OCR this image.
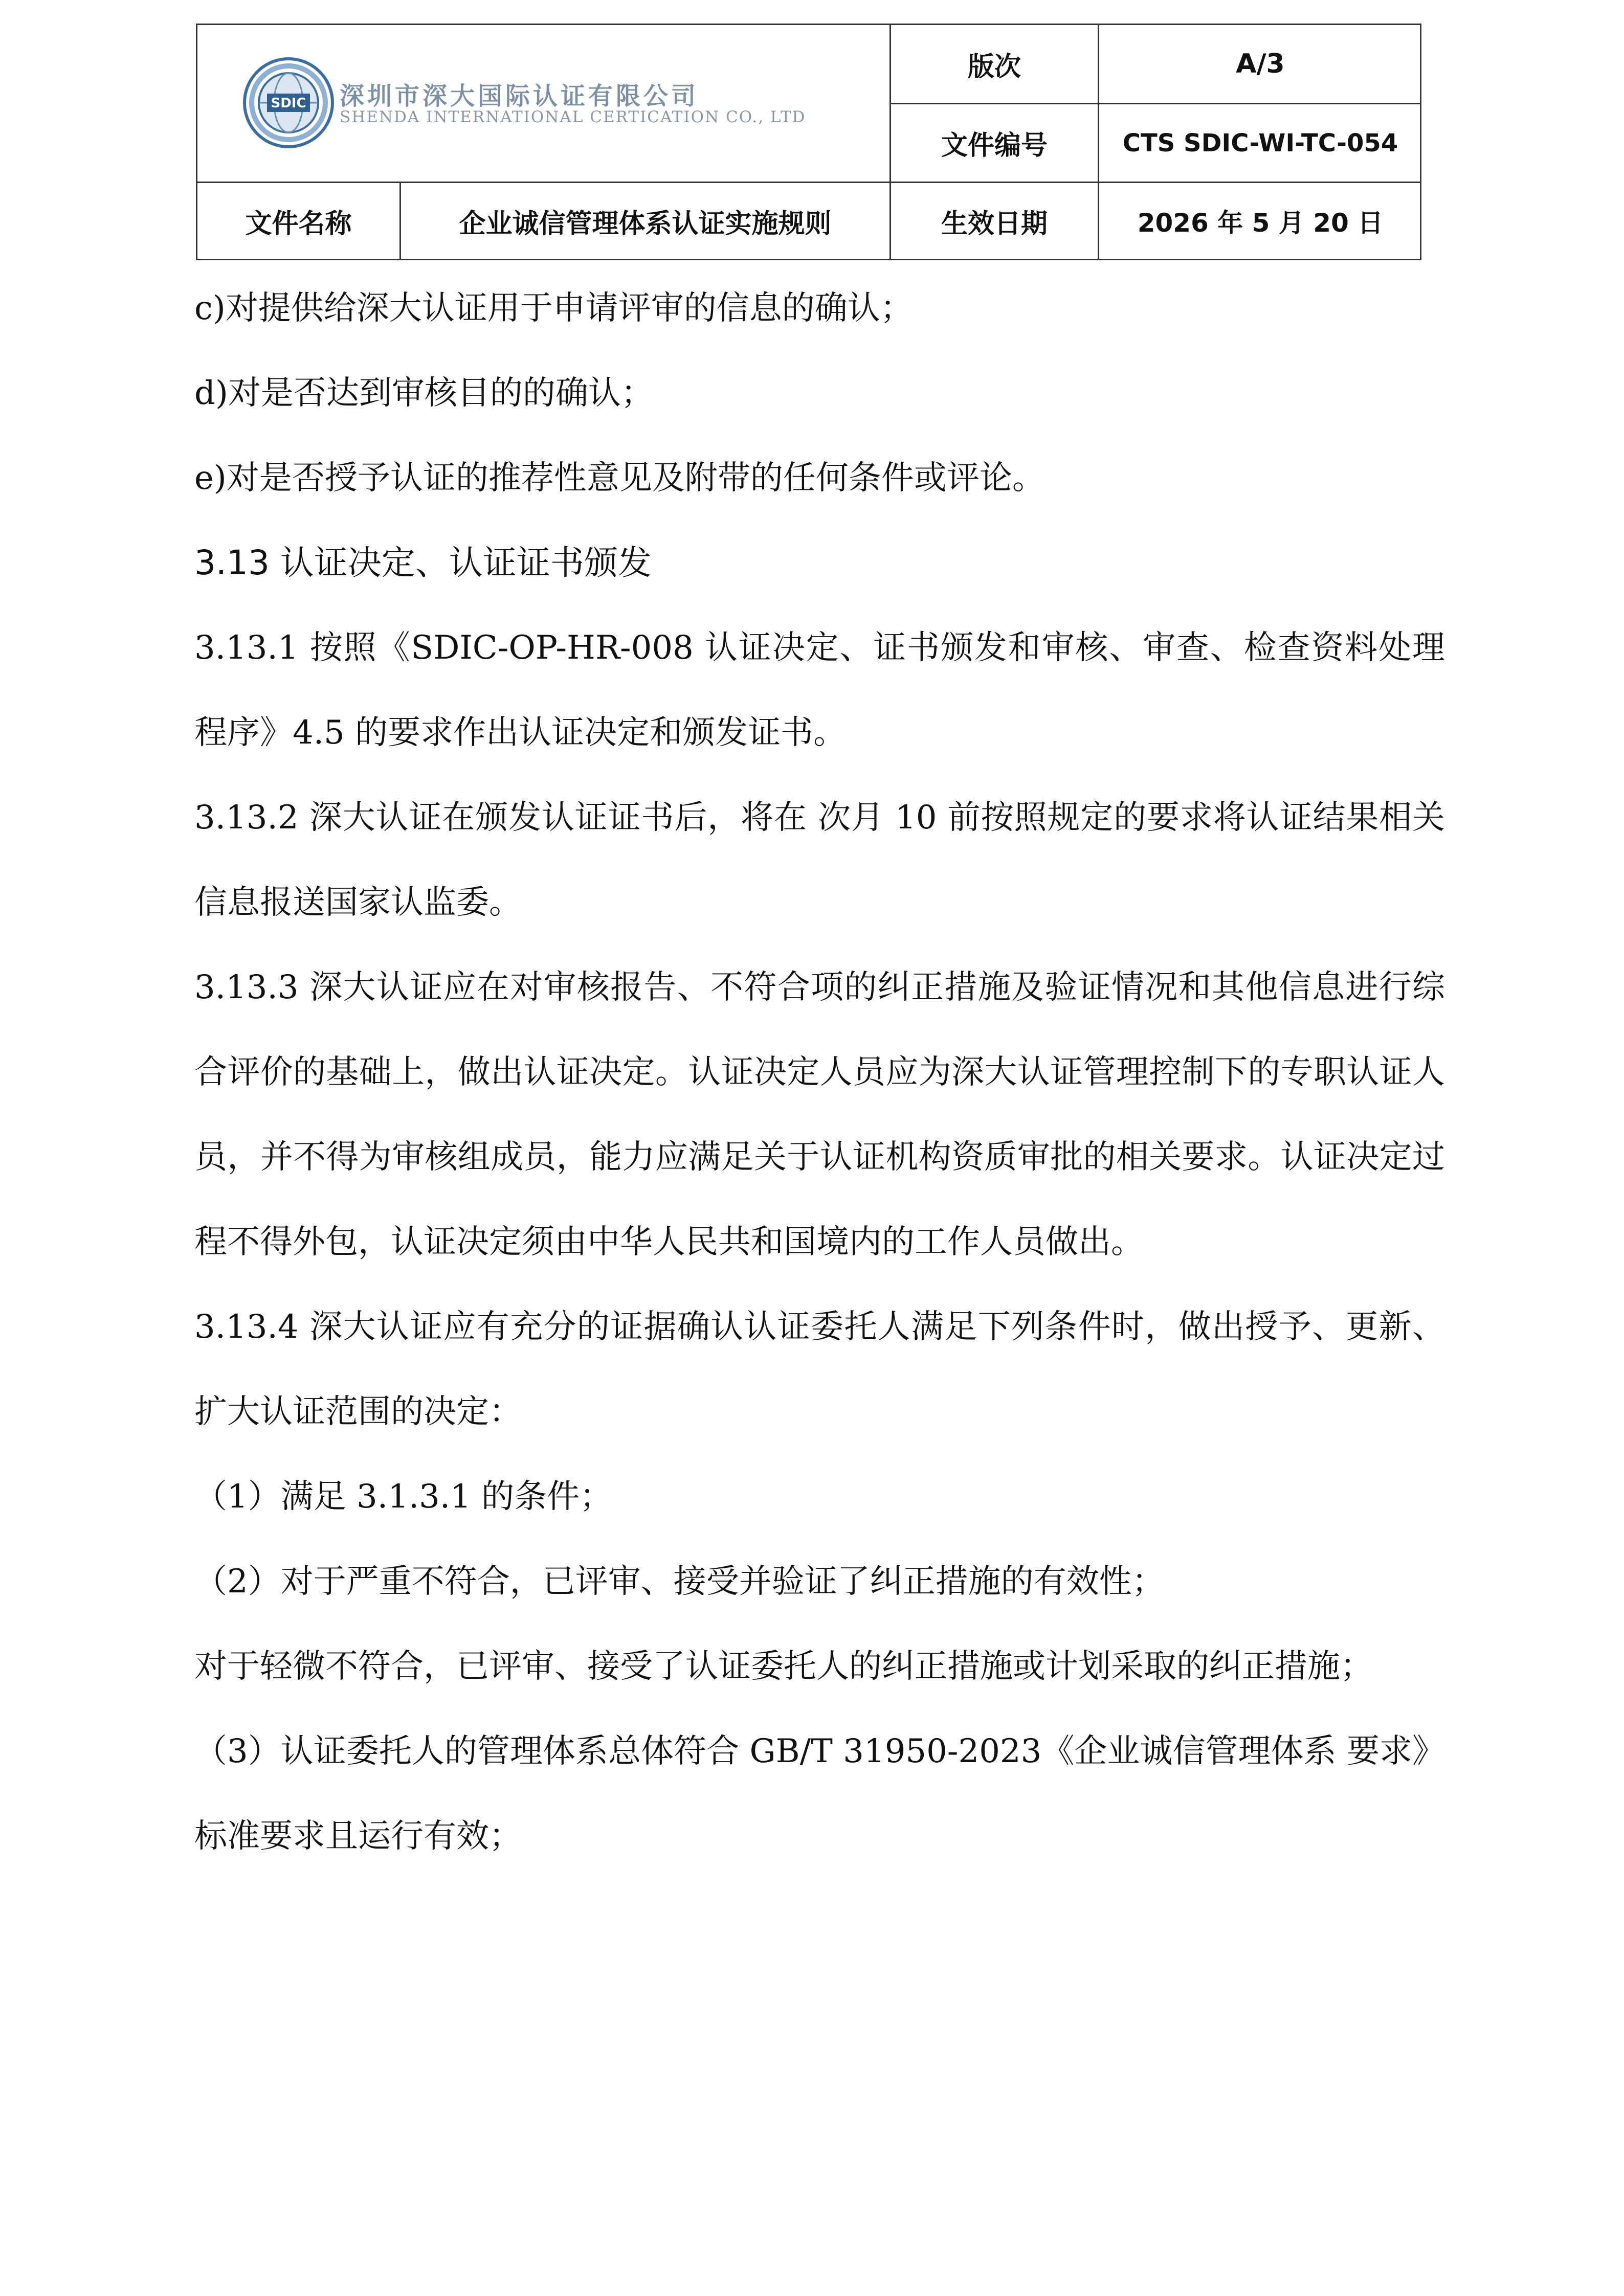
SDIC 深圳市深大国际认证有限公司
SHENDA INTERNATIONAL CERTICATION CO., LTD
版次	A/3
文件编号	CTS SDIC-WI-TC-054
文件名称	企业诚信管理体系认证实施规则	生效日期	2026 年 5 月 20 日

c)对提供给深大认证用于申请评审的信息的确认；

d)对是否达到审核目的的确认；

e)对是否授予认证的推荐性意见及附带的任何条件或评论。

3.13 认证决定、认证证书颁发

3.13.1 按照《SDIC-OP-HR-008 认证决定、证书颁发和审核、审查、检查资料处理程序》4.5 的要求作出认证决定和颁发证书。

3.13.2 深大认证在颁发认证证书后，将在 次月 10 前按照规定的要求将认证结果相关信息报送国家认监委。

3.13.3 深大认证应在对审核报告、不符合项的纠正措施及验证情况和其他信息进行综合评价的基础上，做出认证决定。认证决定人员应为深大认证管理控制下的专职认证人员，并不得为审核组成员，能力应满足关于认证机构资质审批的相关要求。认证决定过程不得外包，认证决定须由中华人民共和国境内的工作人员做出。

3.13.4 深大认证应有充分的证据确认认证委托人满足下列条件时，做出授予、更新、扩大认证范围的决定：

（1）满足 3.1.3.1 的条件；

（2）对于严重不符合，已评审、接受并验证了纠正措施的有效性；

对于轻微不符合，已评审、接受了认证委托人的纠正措施或计划采取的纠正措施；

（3）认证委托人的管理体系总体符合 GB/T 31950-2023《企业诚信管理体系 要求》标准要求且运行有效；
